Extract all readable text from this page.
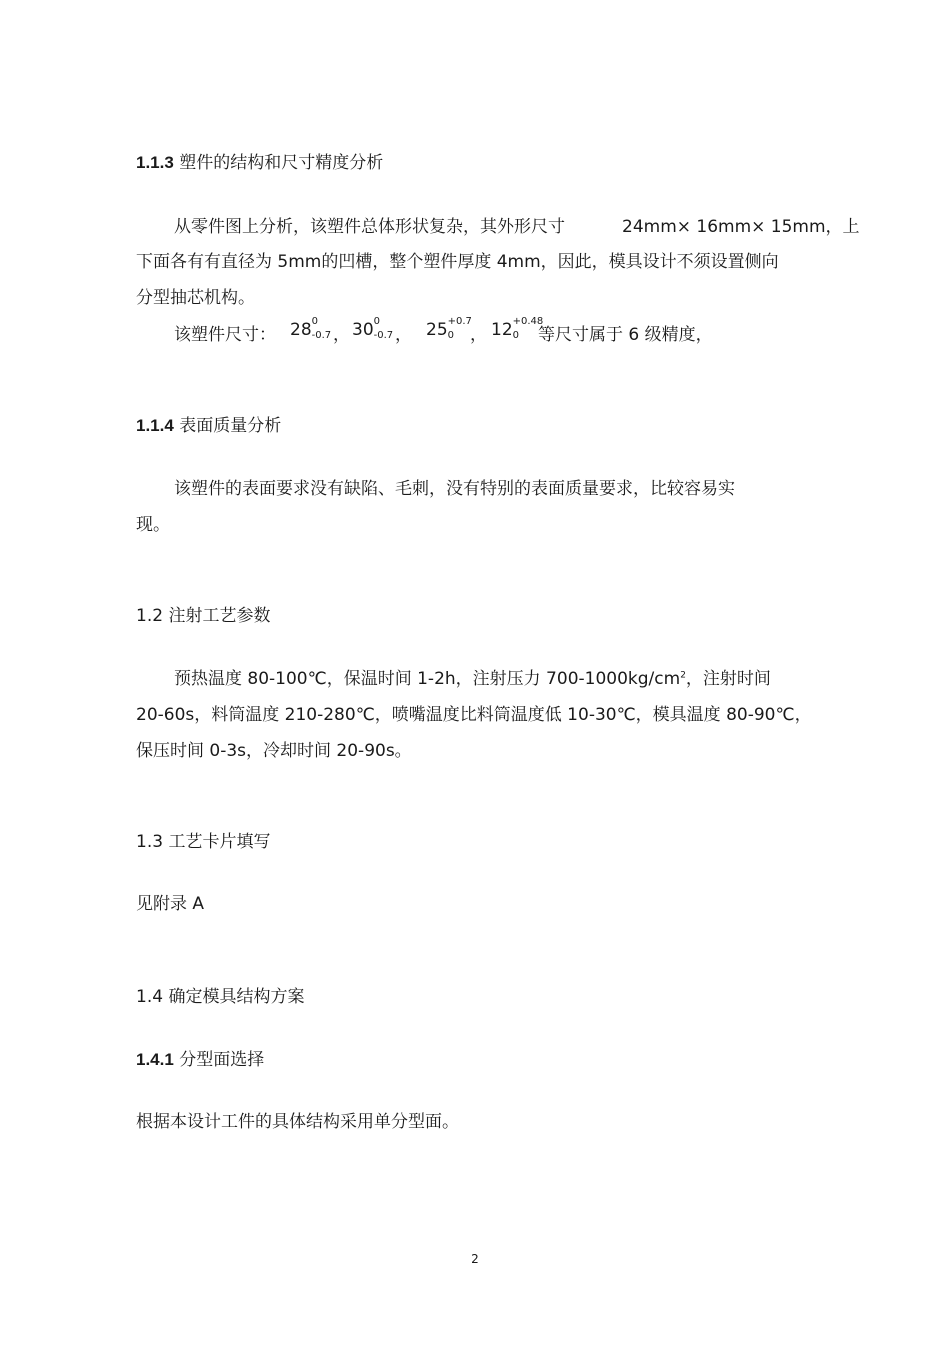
1.1.3 塑件的结构和尺寸精度分析
从零件图上分析，该塑件总体形状复杂，其外形尺寸	24mm× 16mm× 15mm，上
下面各有有直径为 5mm的凹槽，整个塑件厚度 4mm，因此，模具设计不须设置侧向
分型抽芯机构。
该塑件尺寸： 28 0
-0.7 ， 30 0
-0.7 ， 25 +0.7
0 ， 12 +0.48
0 等尺寸属于 6 级精度，
1.1.4 表面质量分析
该塑件的表面要求没有缺陷、毛刺，没有特别的表面质量要求，比较容易实
现。
1.2 注射工艺参数
预热温度 80-100℃，保温时间 1-2h，注射压力 $700-1000kg/cm^2$，注射时间
20-60s，料筒温度 210-280℃，喷嘴温度比料筒温度低 10-30℃，模具温度 80-90℃，
保压时间 0-3s，冷却时间 20-90s。
1.3 工艺卡片填写
见附录 A
1.4 确定模具结构方案
1.4.1 分型面选择
根据本设计工件的具体结构采用单分型面。
2
